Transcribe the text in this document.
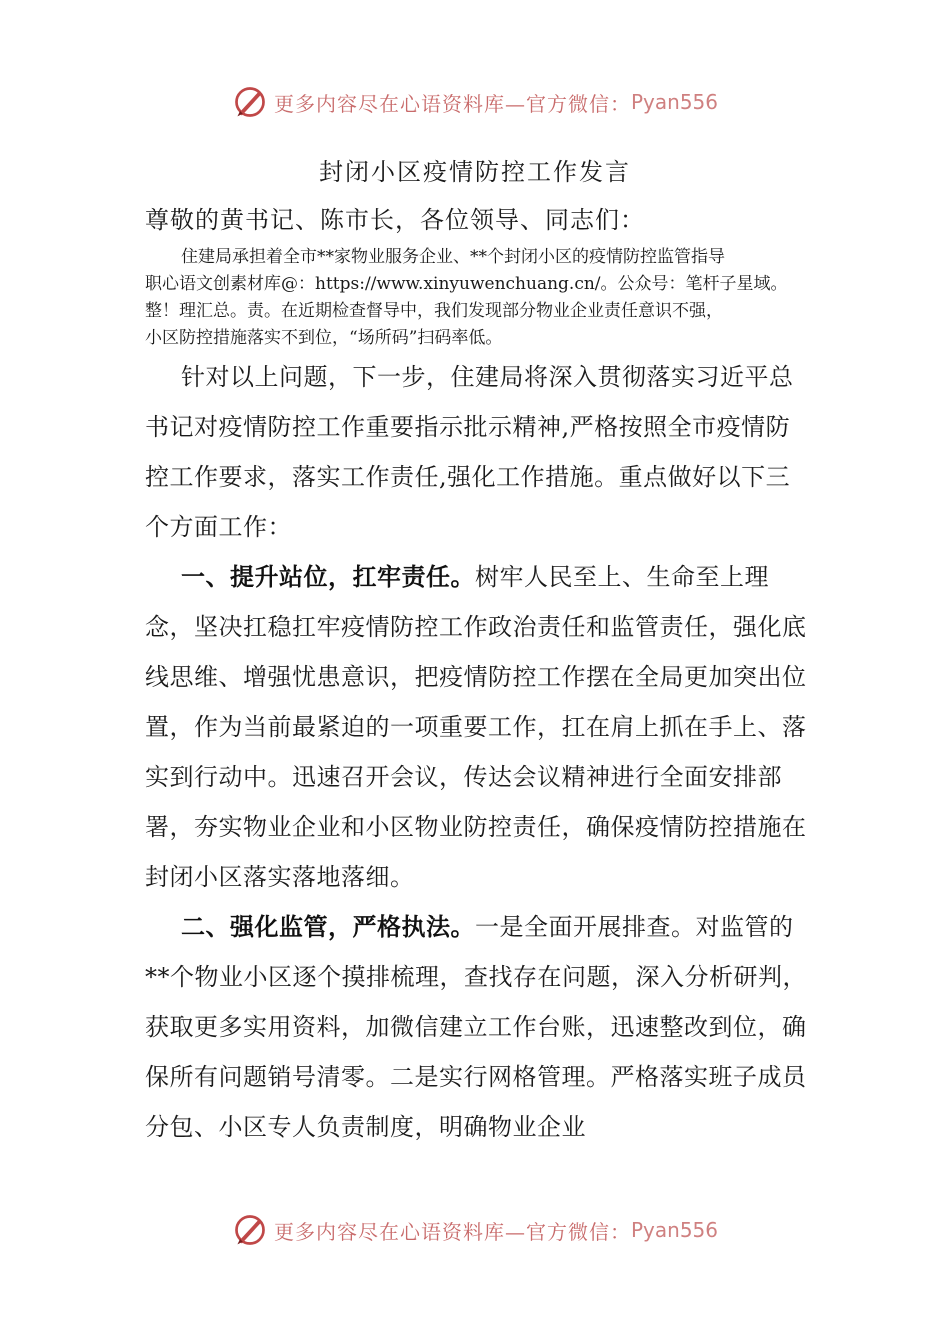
更多内容尽在心语资料库—官方微信： Pyan556
封闭小区疫情防控工作发言
尊敬的黄书记、陈市长，各位领导、同志们：
住建局承担着全市**家物业服务企业、**个封闭小区的疫情防控监管指导
职心语文创素材库@：https://www.xinyuwenchuang.cn/。公众号：笔杆子星域。
整！理汇总。责。在近期检查督导中，我们发现部分物业企业责任意识不强，
小区防控措施落实不到位，“场所码”扫码率低。

针对以上问题，下一步，住建局将深入贯彻落实习近平总书记对疫情防控工作重要指示批示精神,严格按照全市疫情防控工作要求，落实工作责任,强化工作措施。重点做好以下三个方面工作：

一、提升站位，扛牢责任。树牢人民至上、生命至上理念，坚决扛稳扛牢疫情防控工作政治责任和监管责任，强化底线思维、增强忧患意识，把疫情防控工作摆在全局更加突出位置，作为当前最紧迫的一项重要工作，扛在肩上抓在手上、落实到行动中。迅速召开会议，传达会议精神进行全面安排部署，夯实物业企业和小区物业防控责任，确保疫情防控措施在封闭小区落实落地落细。

二、强化监管，严格执法。一是全面开展排查。对监管的**个物业小区逐个摸排梳理，查找存在问题，深入分析研判，获取更多实用资料，加微信建立工作台账，迅速整改到位，确保所有问题销号清零。二是实行网格管理。严格落实班子成员分包、小区专人负责制度，明确物业企业

更多内容尽在心语资料库—官方微信： Pyan556
